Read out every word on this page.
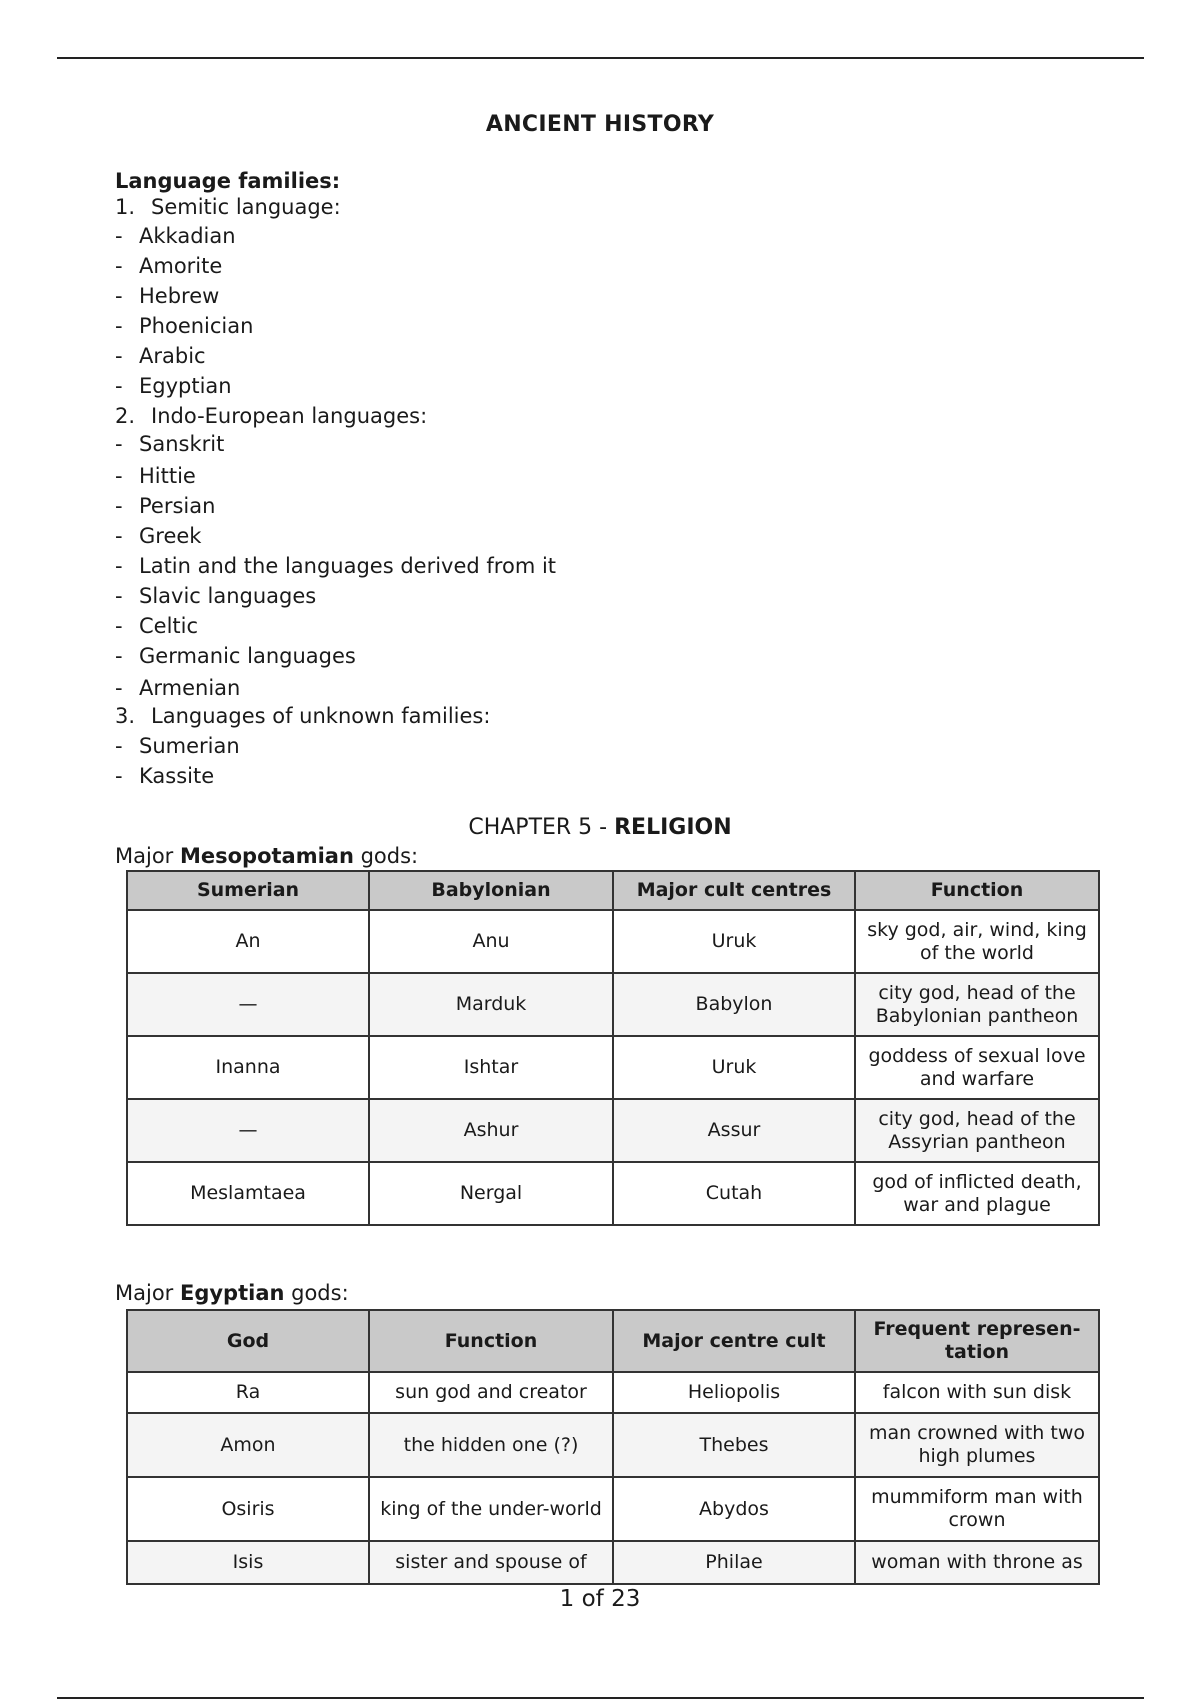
ANCIENT HISTORY
Language families:
1. Semitic language:
- Akkadian
- Amorite
- Hebrew
- Phoenician
- Arabic
- Egyptian
2. Indo-European languages:
- Sanskrit
- Hittie
- Persian
- Greek
- Latin and the languages derived from it
- Slavic languages
- Celtic
- Germanic languages
- Armenian
3. Languages of unknown families:
- Sumerian
- Kassite
CHAPTER 5 - RELIGION
Major Mesopotamian gods:
Sumerian	Babylonian	Major cult centres	Function
An	Anu	Uruk	sky god, air, wind, king of the world
—	Marduk	Babylon	city god, head of the Babylonian pantheon
Inanna	Ishtar	Uruk	goddess of sexual love and warfare
—	Ashur	Assur	city god, head of the Assyrian pantheon
Meslamtaea	Nergal	Cutah	god of inflicted death, war and plague
Major Egyptian gods:
God	Function	Major centre cult	Frequent represen-tation
Ra	sun god and creator	Heliopolis	falcon with sun disk
Amon	the hidden one (?)	Thebes	man crowned with two high plumes
Osiris	king of the under-world	Abydos	mummiform man with crown
Isis	sister and spouse of	Philae	woman with throne as
1 of 23
